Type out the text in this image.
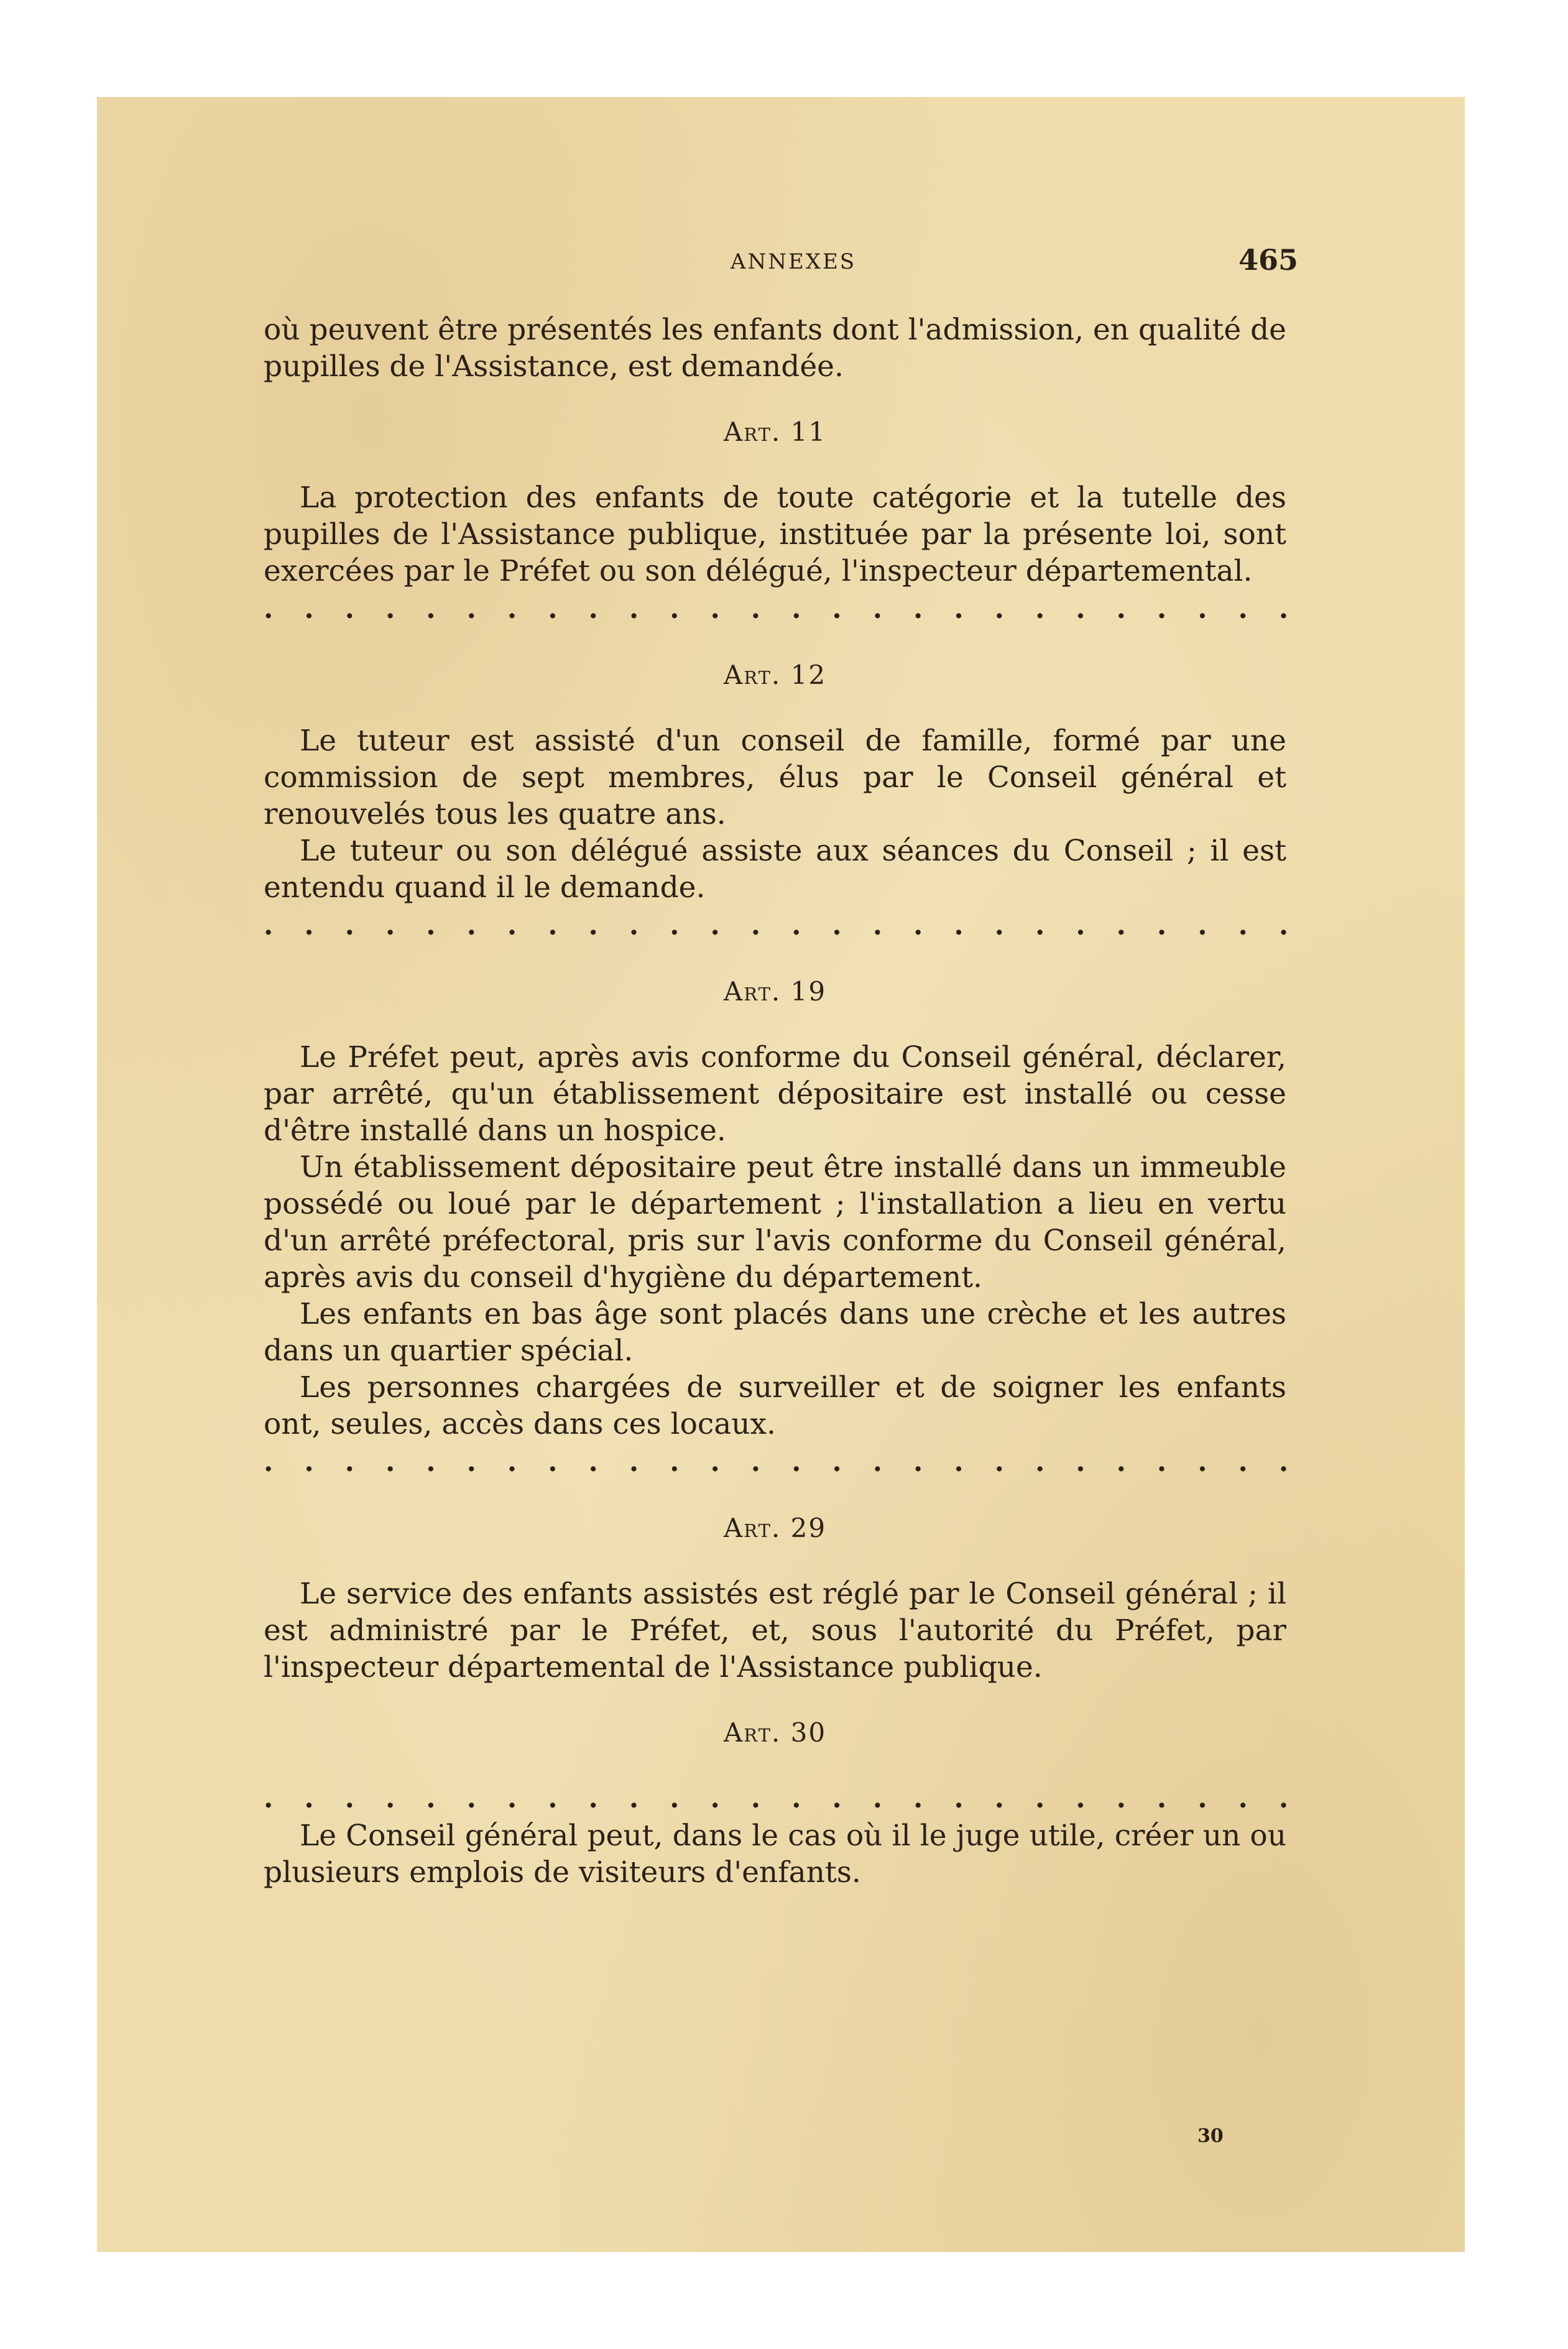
ANNEXES	465

où peuvent être présentés les enfants dont l'admission, en qualité de pupilles de l'Assistance, est demandée.

Art. 11

La protection des enfants de toute catégorie et la tutelle des pupilles de l'Assistance publique, instituée par la présente loi, sont exercées par le Préfet ou son délégué, l'inspecteur départemental.

. . . . . . . . . . . . . . . . . . . . . . . . . .
Art. 12

Le tuteur est assisté d'un conseil de famille, formé par une commission de sept membres, élus par le Conseil général et renouvelés tous les quatre ans.

Le tuteur ou son délégué assiste aux séances du Conseil ; il est entendu quand il le demande.

. . . . . . . . . . . . . . . . . . . . . . . . . .
Art. 19

Le Préfet peut, après avis conforme du Conseil général, déclarer, par arrêté, qu'un établissement dépositaire est installé ou cesse d'être installé dans un hospice.

Un établissement dépositaire peut être installé dans un immeuble possédé ou loué par le département ; l'installation a lieu en vertu d'un arrêté préfectoral, pris sur l'avis conforme du Conseil général, après avis du conseil d'hygiène du département.

Les enfants en bas âge sont placés dans une crèche et les autres dans un quartier spécial.

Les personnes chargées de surveiller et de soigner les enfants ont, seules, accès dans ces locaux.

. . . . . . . . . . . . . . . . . . . . . . . . . .
Art. 29

Le service des enfants assistés est réglé par le Conseil général ; il est administré par le Préfet, et, sous l'autorité du Préfet, par l'inspecteur départemental de l'Assistance publique.

Art. 30
. . . . . . . . . . . . . . . . . . . . . . . . . .

Le Conseil général peut, dans le cas où il le juge utile, créer un ou plusieurs emplois de visiteurs d'enfants.

30
